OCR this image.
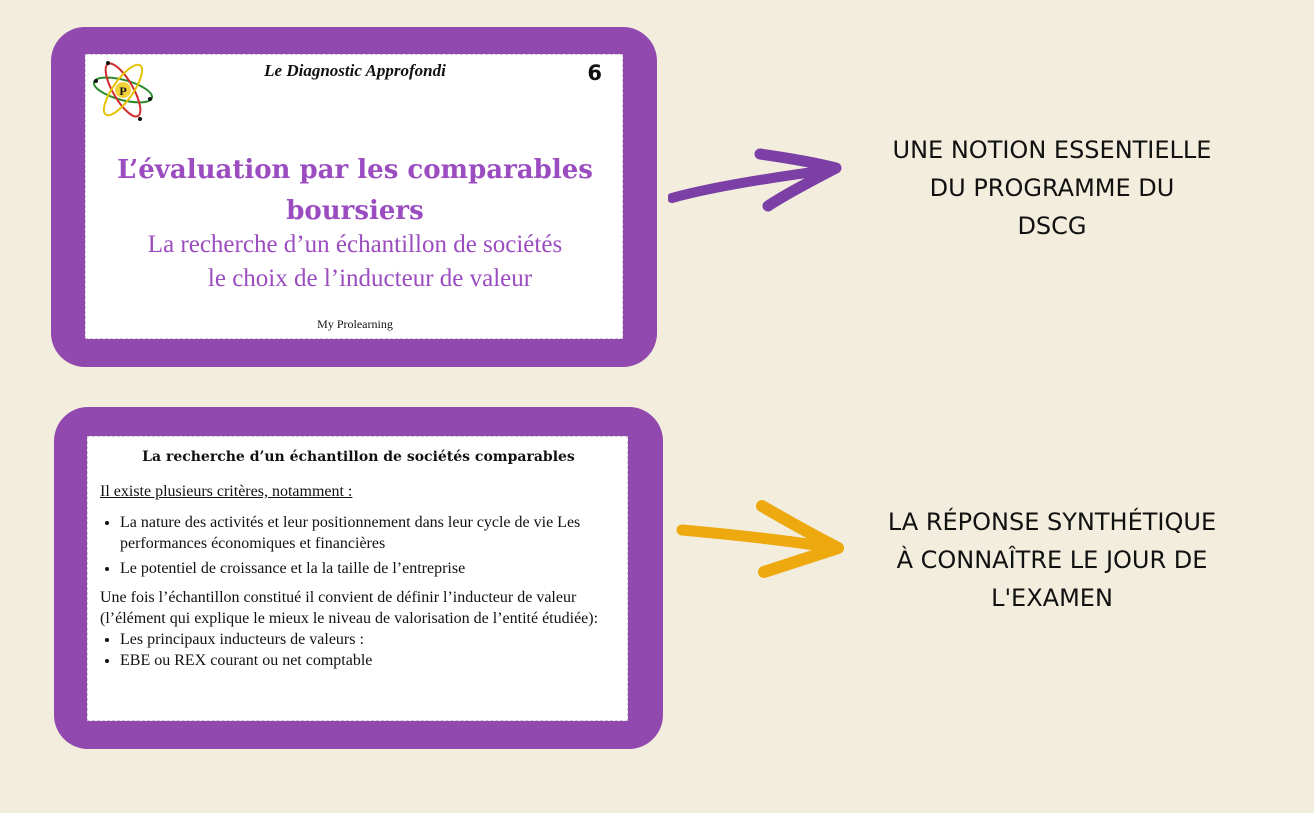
P
Le Diagnostic Approfondi	6
L’évaluation par les comparables
boursiers
La recherche d’un échantillon de sociétés
le choix de l’inducteur de valeur
My Prolearning
La recherche d’un échantillon de sociétés comparables

Il existe plusieurs critères, notamment :

• La nature des activités et leur positionnement dans leur cycle de vie Les performances économiques et financières
• Le potentiel de croissance et la la taille de l’entreprise

Une fois l’échantillon constitué il convient de définir l’inducteur de valeur (l’élément qui explique le mieux le niveau de valorisation de l’entité étudiée):

• Les principaux inducteurs de valeurs :
• EBE ou REX courant ou net comptable
UNE NOTION ESSENTIELLE
DU PROGRAMME DU
DSCG
LA RÉPONSE SYNTHÉTIQUE
À CONNAÎTRE LE JOUR DE
L'EXAMEN
